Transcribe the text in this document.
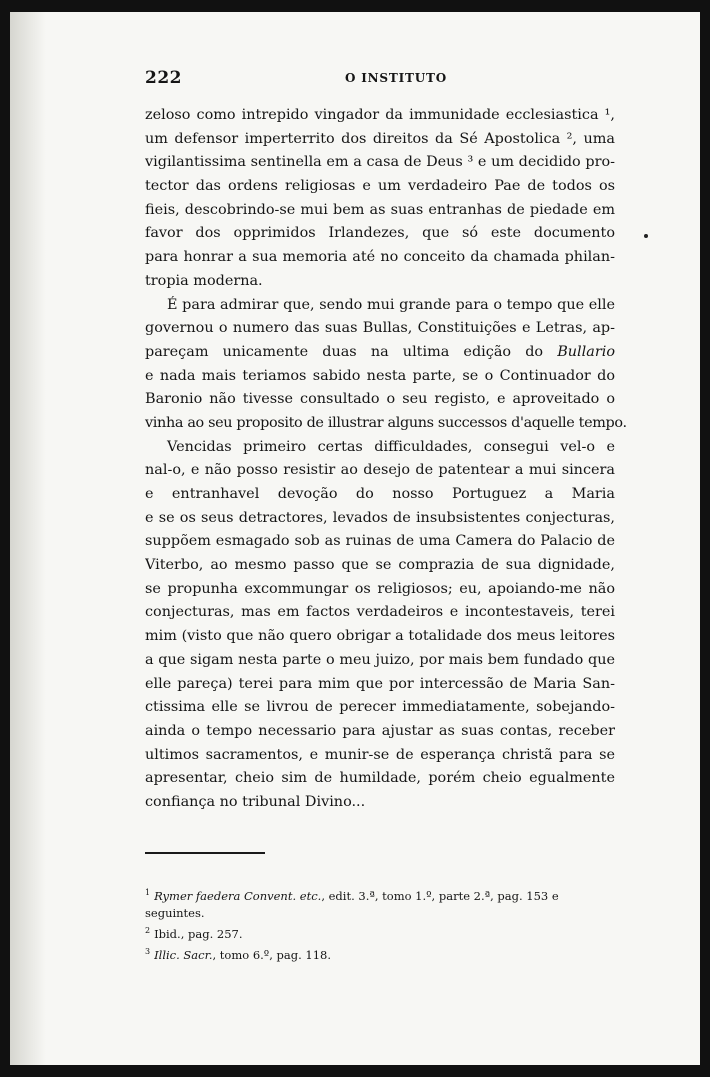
222	O INSTITUTO
zeloso como intrepido vingador da immunidade ecclesiastica ¹,
um defensor imperterrito dos direitos da Sé Apostolica ², uma
vigilantissima sentinella em a casa de Deus ³ e um decidido pro-
tector das ordens religiosas e um verdadeiro Pae de todos os
fieis, descobrindo-se mui bem as suas entranhas de piedade em
favor dos opprimidos Irlandezes, que só este documento
para honrar a sua memoria até no conceito da chamada philan-
tropia moderna.
É para admirar que, sendo mui grande para o tempo que elle
governou o numero das suas Bullas, Constituições e Letras, ap-
pareçam unicamente duas na ultima edição do Bullario
e nada mais teriamos sabido nesta parte, se o Continuador do
Baronio não tivesse consultado o seu registo, e aproveitado o
vinha ao seu proposito de illustrar alguns successos d'aquelle tempo.
Vencidas primeiro certas difficuldades, consegui vel-o e
nal-o, e não posso resistir ao desejo de patentear a mui sincera
e entranhavel devoção do nosso Portuguez a Maria
e se os seus detractores, levados de insubsistentes conjecturas,
suppõem esmagado sob as ruinas de uma Camera do Palacio de
Viterbo, ao mesmo passo que se comprazia de sua dignidade,
se propunha excommungar os religiosos; eu, apoiando-me não
conjecturas, mas em factos verdadeiros e incontestaveis, terei
mim (visto que não quero obrigar a totalidade dos meus leitores
a que sigam nesta parte o meu juizo, por mais bem fundado que
elle pareça) terei para mim que por intercessão de Maria San-
ctissima elle se livrou de perecer immediatamente, sobejando-
ainda o tempo necessario para ajustar as suas contas, receber
ultimos sacramentos, e munir-se de esperança christã para se
apresentar, cheio sim de humildade, porém cheio egualmente
confiança no tribunal Divino...
$^1$ Rymer faedera Convent. etc., edit. 3.ª, tomo 1.º, parte 2.ª, pag. 153 e
seguintes.
$^2$ Ibid., pag. 257.
$^3$ Illic. Sacr., tomo 6.º, pag. 118.
